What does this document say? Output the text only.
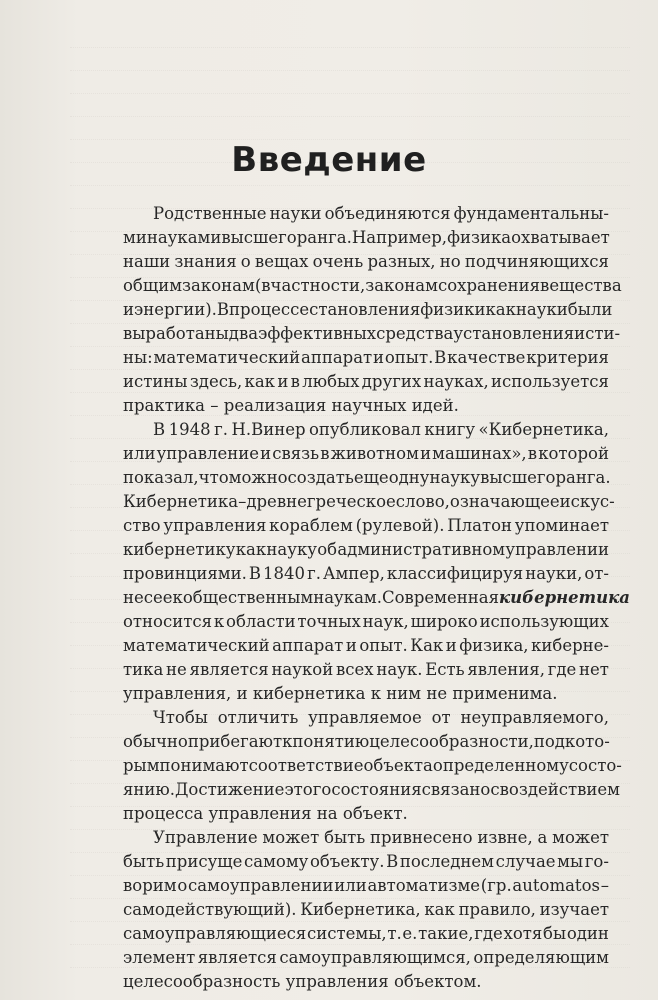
Введение
Родственные науки объединяются фундаментальны-
ми науками высшего ранга. Например, физика охватывает
наши знания о вещах очень разных, но подчиняющихся
общим законам (в частности, законам сохранения вещества
и энергии). В процессе становления физики как науки были
выработаны два эффективных средства установления исти-
ны: математический аппарат и опыт. В качестве критерия
истины здесь, как и в любых других науках, используется
практика – реализация научных идей.
В 1948 г. Н.Винер опубликовал книгу «Кибернетика,
или управление и связь в животном и машинах», в которой
показал, что можно создать еще одну науку высшего ранга.
Кибернетика – древнегреческое слово, означающее искус-
ство управления кораблем (рулевой). Платон упоминает
кибернетику как науку об административном управлении
провинциями. В 1840 г. Ампер, классифицируя науки, от-
нес ее к общественным наукам. Современная кибернетика
относится к области точных наук, широко использующих
математический аппарат и опыт. Как и физика, киберне-
тика не является наукой всех наук. Есть явления, где нет
управления, и кибернетика к ним не применима.
Чтобы отличить управляемое от неуправляемого,
обычно прибегают к понятию целесообразности, под кото-
рым понимают соответствие объекта определенному состо-
янию. Достижение этого состояния связано с воздействием
процесса управления на объект.
Управление может быть привнесено извне, а может
быть присуще самому объекту. В последнем случае мы го-
ворим о самоуправлении или автоматизме (гр. automatos –
самодействующий). Кибернетика, как правило, изучает
самоуправляющиеся системы, т. е. такие, где хотя бы один
элемент является самоуправляющимся, определяющим
целесообразность управления объектом.
